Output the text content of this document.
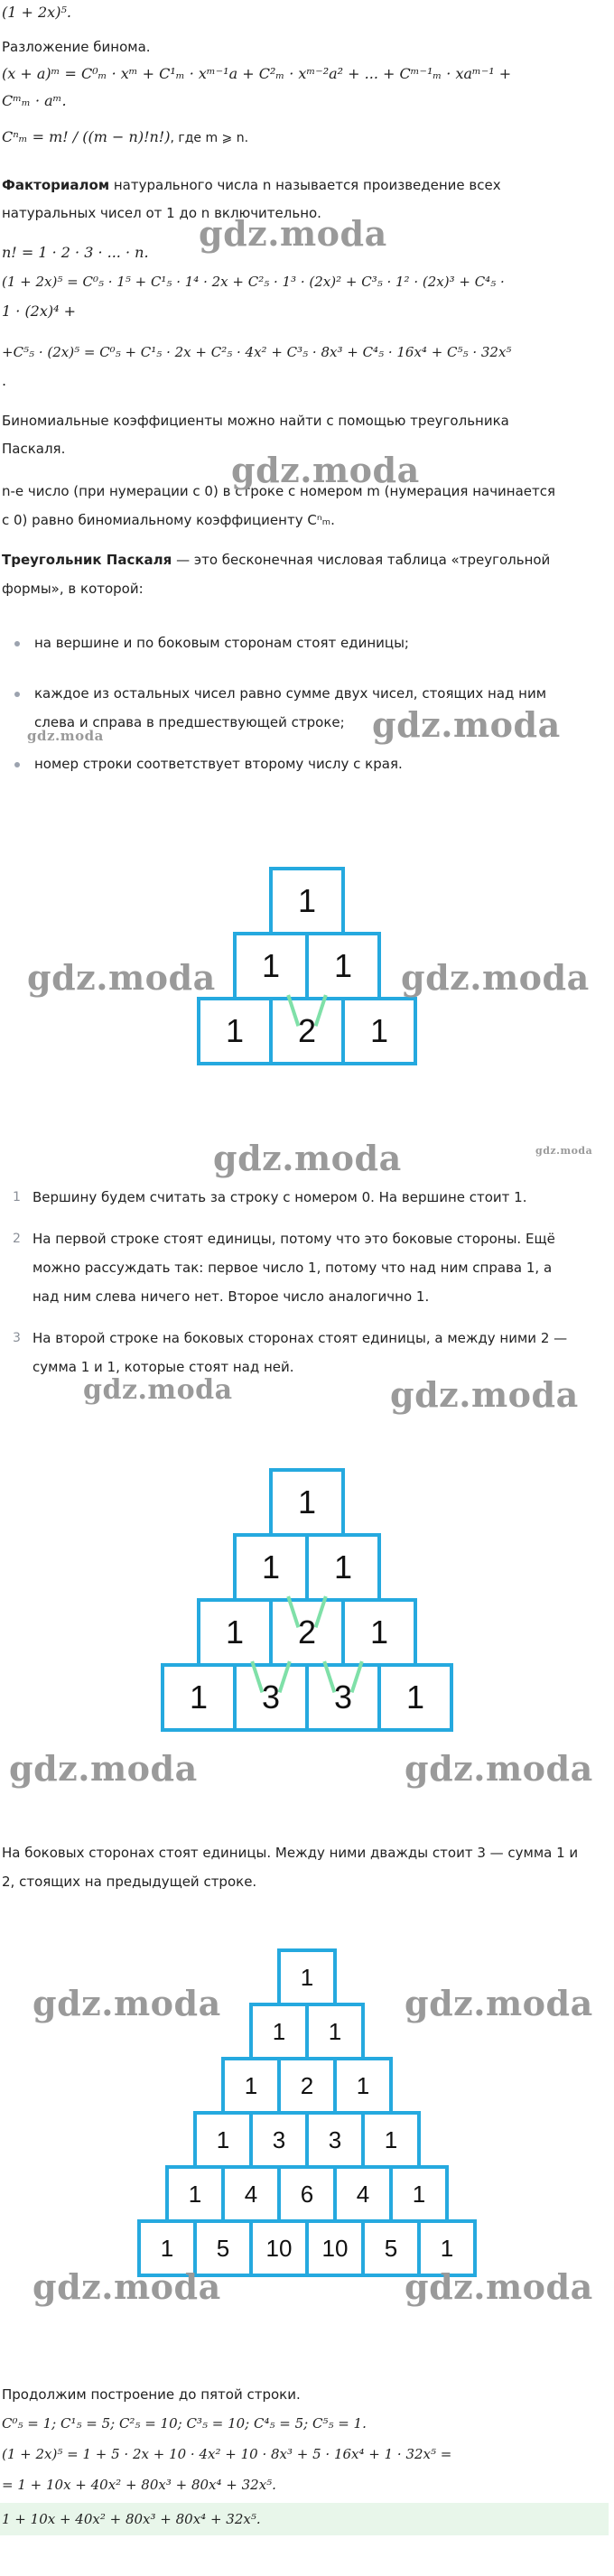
(1 + 2x)⁵.
Разложение бинома.
(x + a)ᵐ = C⁰ₘ · xᵐ + C¹ₘ · xᵐ⁻¹a + C²ₘ · xᵐ⁻²a² + ... + Cᵐ⁻¹ₘ · xaᵐ⁻¹ +
Cᵐₘ · aᵐ.
Cⁿₘ = m! / ((m − n)!n!), где m ⩾ n.
Факториалом натурального числа n называется произведение всех
натуральных чисел от 1 до n включительно.
n! = 1 · 2 · 3 · ... · n.
(1 + 2x)⁵ = C⁰₅ · 1⁵ + C¹₅ · 1⁴ · 2x + C²₅ · 1³ · (2x)² + C³₅ · 1² · (2x)³ + C⁴₅ ·
1 · (2x)⁴ +
+C⁵₅ · (2x)⁵ = C⁰₅ + C¹₅ · 2x + C²₅ · 4x² + C³₅ · 8x³ + C⁴₅ · 16x⁴ + C⁵₅ · 32x⁵
.
Биномиальные коэффициенты можно найти с помощью треугольника
Паскаля.
n-е число (при нумерации с 0) в строке с номером m (нумерация начинается
с 0) равно биномиальному коэффициенту Cⁿₘ.
Треугольник Паскаля — это бесконечная числовая таблица «треугольной
формы», в которой:
на вершине и по боковым сторонам стоят единицы;
каждое из остальных чисел равно сумме двух чисел, стоящих над ним
слева и справа в предшествующей строке;
номер строки соответствует второму числу с края.
1
1	1
1	2	1
1 Вершину будем считать за строку с номером 0. На вершине стоит 1.
2 На первой строке стоят единицы, потому что это боковые стороны. Ещё
можно рассуждать так: первое число 1, потому что над ним справа 1, а
над ним слева ничего нет. Второе число аналогично 1.
3 На второй строке на боковых сторонах стоят единицы, а между ними 2 —
сумма 1 и 1, которые стоят над ней.
1
1	1
1	2	1
1	3	3	1
На боковых сторонах стоят единицы. Между ними дважды стоит 3 — сумма 1 и
2, стоящих на предыдущей строке.
1
1	1
1	2	1
1	3	3	1
1	4	6	4	1
1	5	10	10	5	1
Продолжим построение до пятой строки.
C⁰₅ = 1; C¹₅ = 5; C²₅ = 10; C³₅ = 10; C⁴₅ = 5; C⁵₅ = 1.
(1 + 2x)⁵ = 1 + 5 · 2x + 10 · 4x² + 10 · 8x³ + 5 · 16x⁴ + 1 · 32x⁵ =
= 1 + 10x + 40x² + 80x³ + 80x⁴ + 32x⁵.
1 + 10x + 40x² + 80x³ + 80x⁴ + 32x⁵.
gdz.moda
gdz.moda
gdz.moda	gdz.moda
gdz.moda	gdz.moda
gdz.moda	gdz.moda
gdz.moda	gdz.moda
gdz.moda	gdz.moda
gdz.moda	gdz.moda
gdz.moda	gdz.moda
